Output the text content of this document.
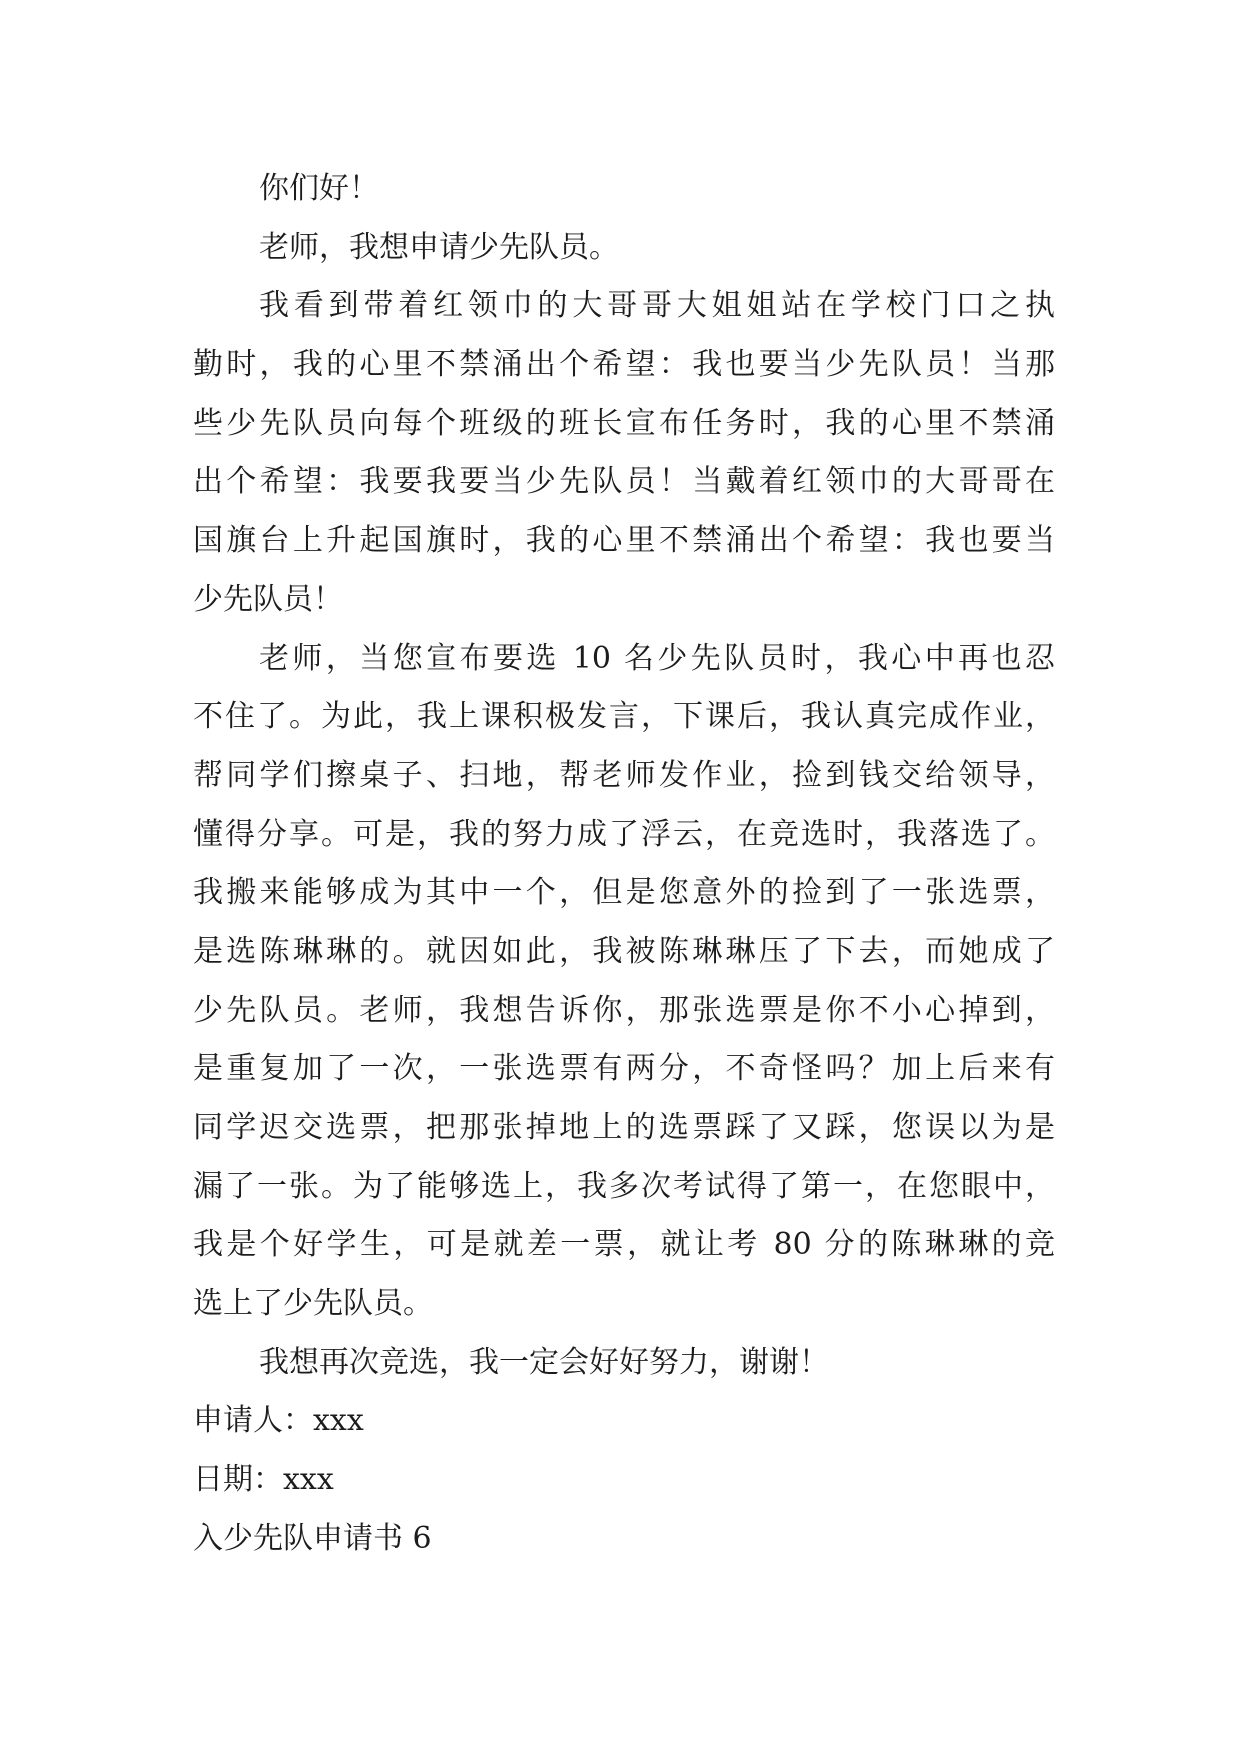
你们好！
老师，我想申请少先队员。
我看到带着红领巾的大哥哥大姐姐站在学校门口之执
勤时，我的心里不禁涌出个希望：我也要当少先队员！当那
些少先队员向每个班级的班长宣布任务时，我的心里不禁涌
出个希望：我要我要当少先队员！当戴着红领巾的大哥哥在
国旗台上升起国旗时，我的心里不禁涌出个希望：我也要当
少先队员！
老师，当您宣布要选 10 名少先队员时，我心中再也忍
不住了。为此，我上课积极发言，下课后，我认真完成作业，
帮同学们擦桌子、扫地，帮老师发作业，捡到钱交给领导，
懂得分享。可是，我的努力成了浮云，在竞选时，我落选了。
我搬来能够成为其中一个，但是您意外的捡到了一张选票，
是选陈琳琳的。就因如此，我被陈琳琳压了下去，而她成了
少先队员。老师，我想告诉你，那张选票是你不小心掉到，
是重复加了一次，一张选票有两分，不奇怪吗？加上后来有
同学迟交选票，把那张掉地上的选票踩了又踩，您误以为是
漏了一张。为了能够选上，我多次考试得了第一，在您眼中，
我是个好学生，可是就差一票，就让考 80 分的陈琳琳的竞
选上了少先队员。
我想再次竞选，我一定会好好努力，谢谢！
申请人：xxx
日期：xxx
入少先队申请书 6
